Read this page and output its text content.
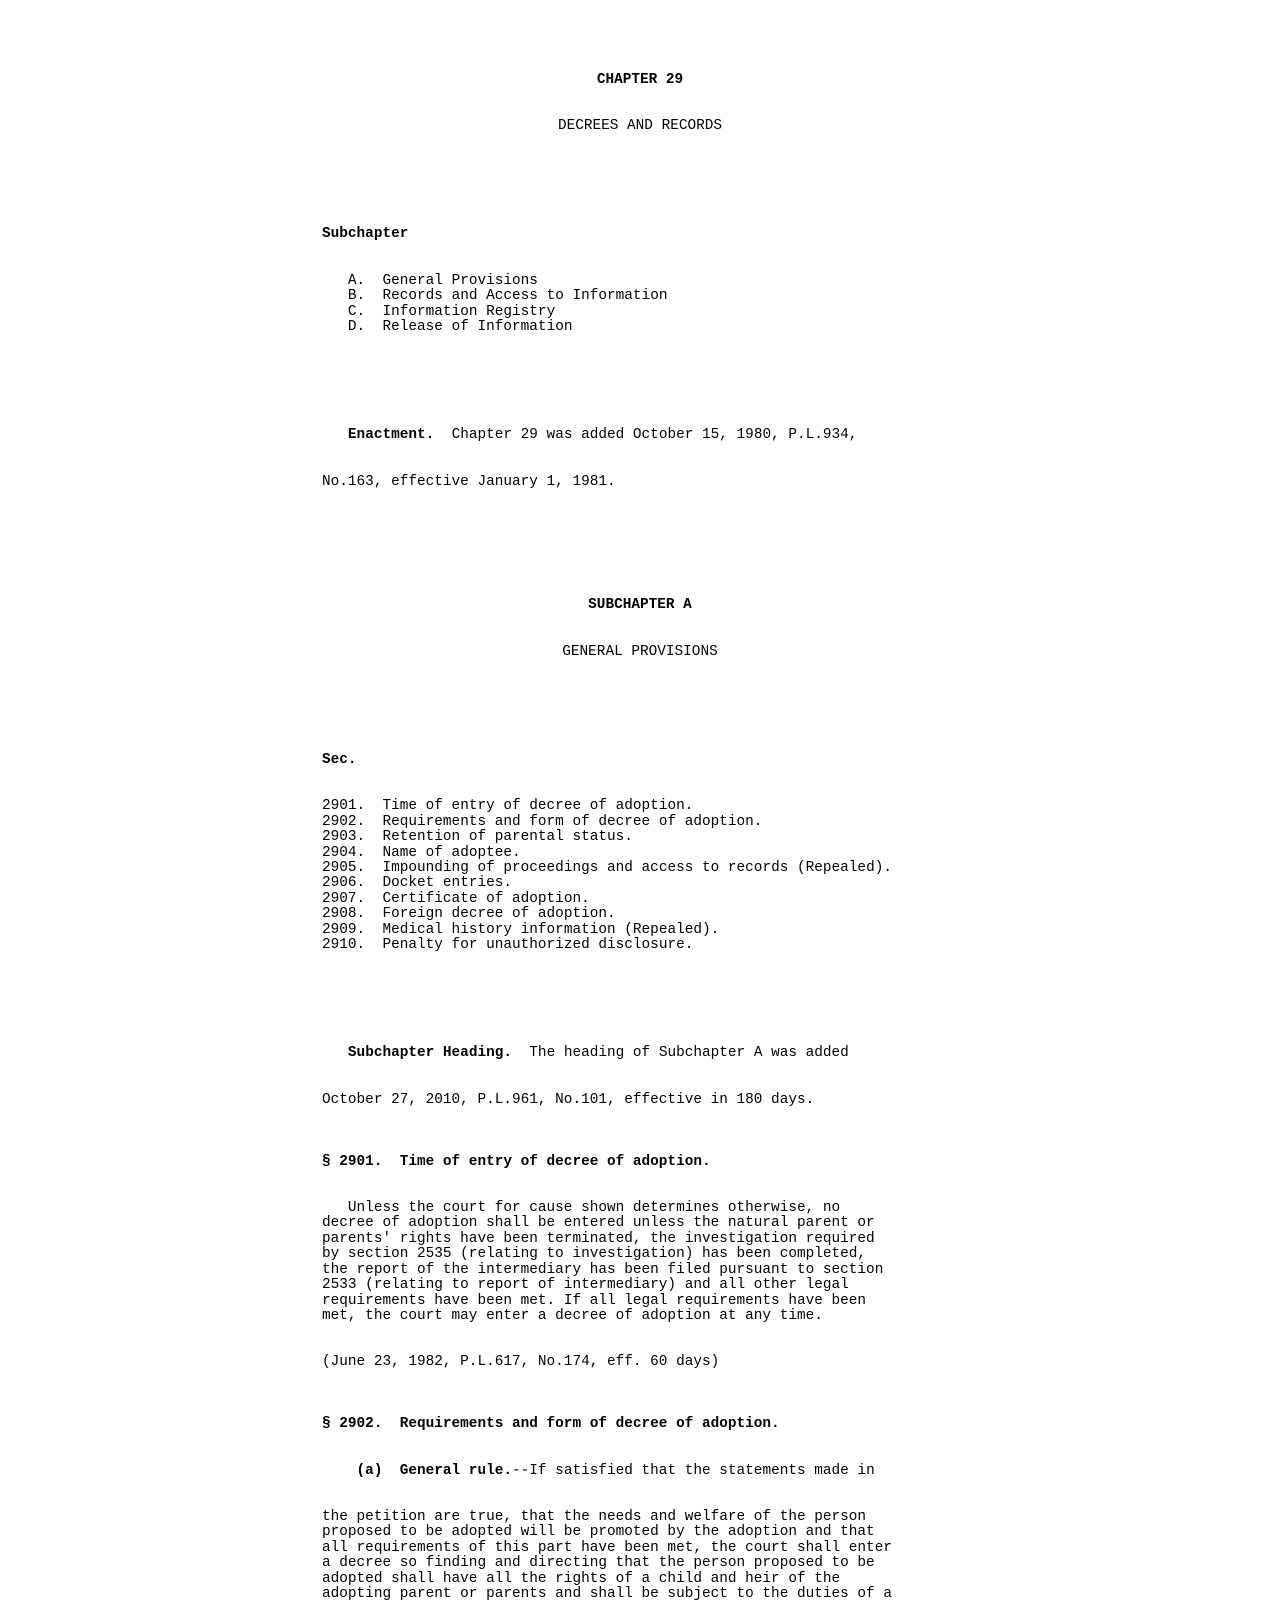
CHAPTER 29

DECREES AND RECORDS

Subchapter

A. General Provisions
B. Records and Access to Information
C. Information Registry
D. Release of Information

Enactment. Chapter 29 was added October 15, 1980, P.L.934,

No.163, effective January 1, 1981.

SUBCHAPTER A

GENERAL PROVISIONS

Sec.

2901. Time of entry of decree of adoption.
2902. Requirements and form of decree of adoption.
2903. Retention of parental status.
2904. Name of adoptee.
2905. Impounding of proceedings and access to records (Repealed).
2906. Docket entries.
2907. Certificate of adoption.
2908. Foreign decree of adoption.
2909. Medical history information (Repealed).
2910. Penalty for unauthorized disclosure.

Subchapter Heading. The heading of Subchapter A was added

October 27, 2010, P.L.961, No.101, effective in 180 days.

§ 2901.  Time of entry of decree of adoption.

Unless the court for cause shown determines otherwise, no
decree of adoption shall be entered unless the natural parent or
parents' rights have been terminated, the investigation required
by section 2535 (relating to investigation) has been completed,
the report of the intermediary has been filed pursuant to section
2533 (relating to report of intermediary) and all other legal
requirements have been met. If all legal requirements have been
met, the court may enter a decree of adoption at any time.

(June 23, 1982, P.L.617, No.174, eff. 60 days)

§ 2902.  Requirements and form of decree of adoption.

(a)  General rule.--If satisfied that the statements made in

the petition are true, that the needs and welfare of the person
proposed to be adopted will be promoted by the adoption and that
all requirements of this part have been met, the court shall enter
a decree so finding and directing that the person proposed to be
adopted shall have all the rights of a child and heir of the
adopting parent or parents and shall be subject to the duties of a
